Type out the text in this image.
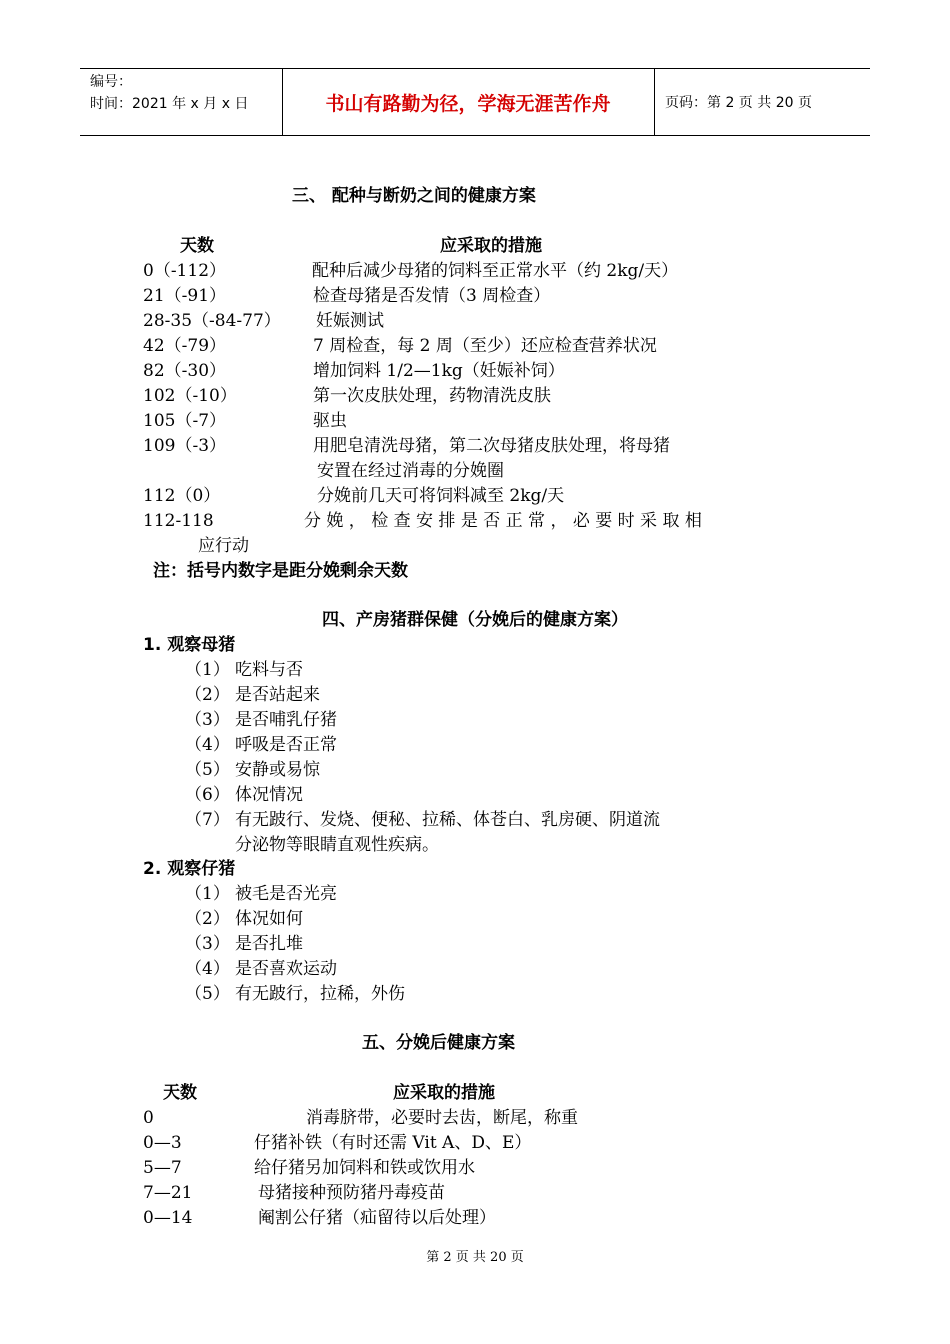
编号：
时间：2021 年 x 月 x 日	书山有路勤为径，学海无涯苦作舟	页码：第 2 页 共 20 页
三、 配种与断奶之间的健康方案
天数	应采取的措施
0（-112）	配种后减少母猪的饲料至正常水平（约 2kg/天）
21（-91）	检查母猪是否发情（3 周检查）
28-35（-84-77） 妊娠测试
42（-79）	7 周检查，每 2 周（至少）还应检查营养状况
82（-30）	增加饲料 1/2—1kg（妊娠补饲）
102（-10）	第一次皮肤处理，药物清洗皮肤
105（-7）	驱虫
109（-3）	用肥皂清洗母猪，第二次母猪皮肤处理，将母猪
安置在经过消毒的分娩圈
112（0）	分娩前几天可将饲料减至 2kg/天
112-118	分 娩 ， 检 查 安 排 是 否 正 常 ， 必 要 时 采 取 相
应行动
注：括号内数字是距分娩剩余天数
四、产房猪群保健（分娩后的健康方案）
1. 观察母猪
（1） 吃料与否
（2） 是否站起来
（3） 是否哺乳仔猪
（4） 呼吸是否正常
（5） 安静或易惊
（6） 体况情况
（7） 有无跛行、发烧、便秘、拉稀、体苍白、乳房硬、阴道流
分泌物等眼睛直观性疾病。
2. 观察仔猪
（1） 被毛是否光亮
（2） 体况如何
（3） 是否扎堆
（4） 是否喜欢运动
（5） 有无跛行，拉稀，外伤
五、分娩后健康方案
天数	应采取的措施
0	消毒脐带，必要时去齿，断尾，称重
0—3	仔猪补铁（有时还需 Vit A、D、E）
5—7	给仔猪另加饲料和铁或饮用水
7—21	母猪接种预防猪丹毒疫苗
0—14	阉割公仔猪（疝留待以后处理）
第 2 页 共 20 页
